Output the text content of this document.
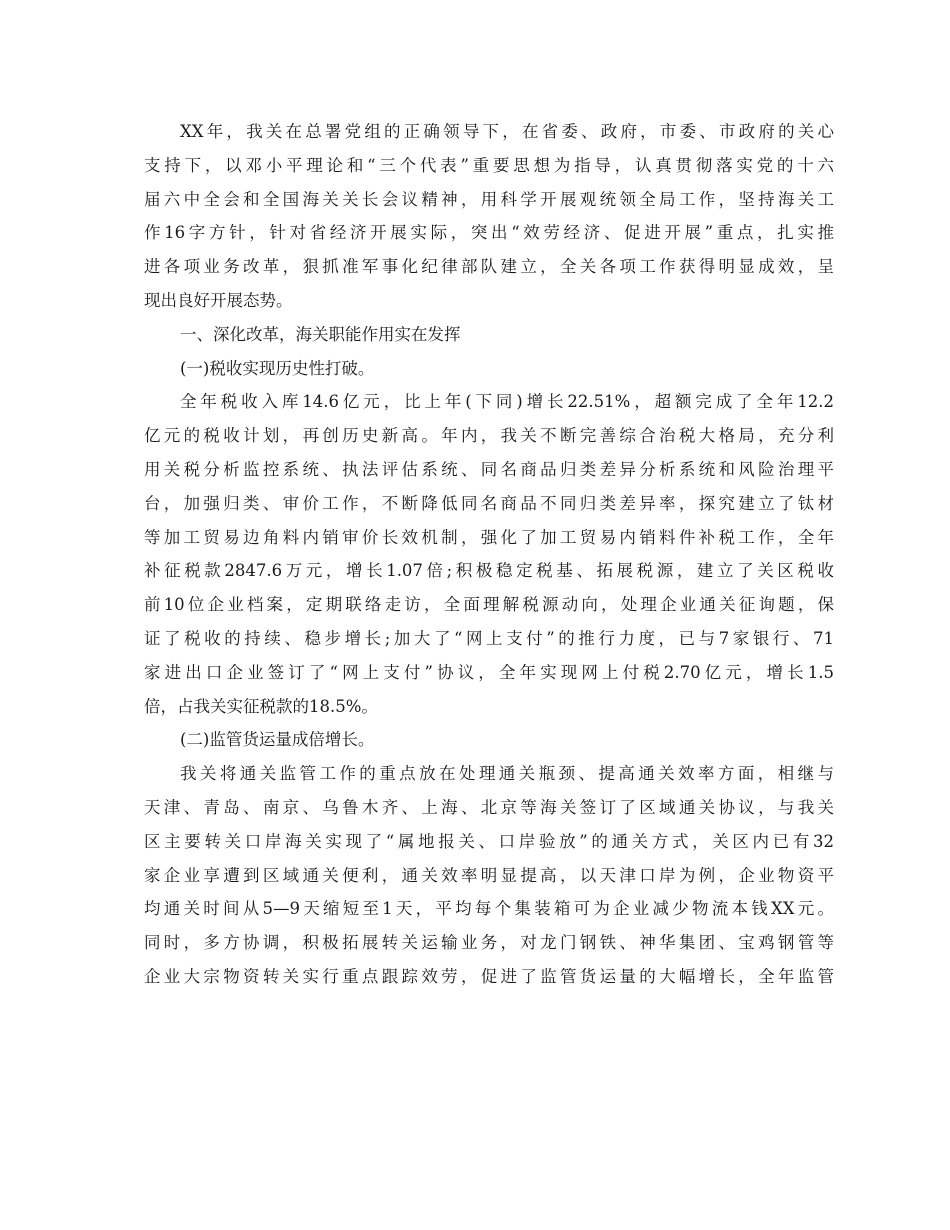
XX年，我关在总署党组的正确领导下，在省委、政府，市委、市政府的关心
支持下，以邓小平理论和“三个代表”重要思想为指导，认真贯彻落实党的十六
届六中全会和全国海关关长会议精神，用科学开展观统领全局工作，坚持海关工
作16字方针，针对省经济开展实际，突出“效劳经济、促进开展”重点，扎实推
进各项业务改革，狠抓准军事化纪律部队建立，全关各项工作获得明显成效，呈
现出良好开展态势。
一、深化改革，海关职能作用实在发挥
(一)税收实现历史性打破。
全年税收入库14.6亿元，比上年(下同)增长22.51%，超额完成了全年12.2
亿元的税收计划，再创历史新高。年内，我关不断完善综合治税大格局，充分利
用关税分析监控系统、执法评估系统、同名商品归类差异分析系统和风险治理平
台，加强归类、审价工作，不断降低同名商品不同归类差异率，探究建立了钛材
等加工贸易边角料内销审价长效机制，强化了加工贸易内销料件补税工作，全年
补征税款2847.6万元，增长1.07倍;积极稳定税基、拓展税源，建立了关区税收
前10位企业档案，定期联络走访，全面理解税源动向，处理企业通关征询题，保
证了税收的持续、稳步增长;加大了“网上支付”的推行力度，已与7家银行、71
家进出口企业签订了“网上支付”协议，全年实现网上付税2.70亿元，增长1.5
倍，占我关实征税款的18.5%。
(二)监管货运量成倍增长。
我关将通关监管工作的重点放在处理通关瓶颈、提高通关效率方面，相继与
天津、青岛、南京、乌鲁木齐、上海、北京等海关签订了区域通关协议，与我关
区主要转关口岸海关实现了“属地报关、口岸验放”的通关方式，关区内已有32
家企业享遭到区域通关便利，通关效率明显提高，以天津口岸为例，企业物资平
均通关时间从5—9天缩短至1天，平均每个集装箱可为企业减少物流本钱XX元。
同时，多方协调，积极拓展转关运输业务，对龙门钢铁、神华集团、宝鸡钢管等
企业大宗物资转关实行重点跟踪效劳，促进了监管货运量的大幅增长，全年监管
